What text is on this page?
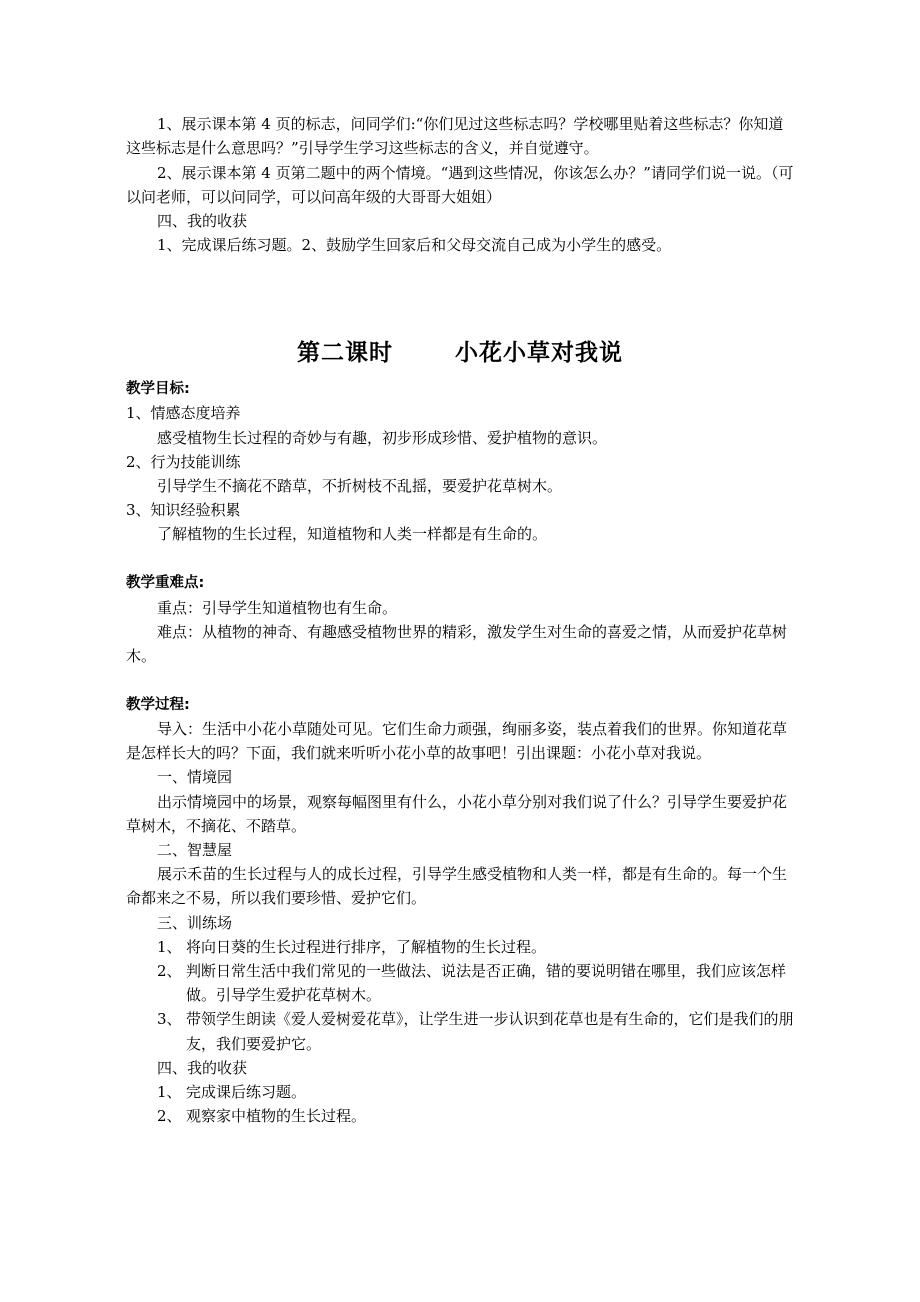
1、展示课本第 4 页的标志，问同学们:“你们见过这些标志吗？学校哪里贴着这些标志？你知道
这些标志是什么意思吗？”引导学生学习这些标志的含义，并自觉遵守。
2、展示课本第 4 页第二题中的两个情境。“遇到这些情况，你该怎么办？”请同学们说一说。（可
以问老师，可以问同学，可以问高年级的大哥哥大姐姐）
四、我的收获
1、完成课后练习题。2、鼓励学生回家后和父母交流自己成为小学生的感受。
第二课时	小花小草对我说
教学目标:
1、情感态度培养
感受植物生长过程的奇妙与有趣，初步形成珍惜、爱护植物的意识。
2、行为技能训练
引导学生不摘花不踏草，不折树枝不乱摇，要爱护花草树木。
3、知识经验积累
了解植物的生长过程，知道植物和人类一样都是有生命的。
教学重难点:
重点：引导学生知道植物也有生命。
难点：从植物的神奇、有趣感受植物世界的精彩，激发学生对生命的喜爱之情，从而爱护花草树
木。
教学过程:
导入：生活中小花小草随处可见。它们生命力顽强，绚丽多姿，装点着我们的世界。你知道花草
是怎样长大的吗？下面，我们就来听听小花小草的故事吧！引出课题：小花小草对我说。
一、情境园
出示情境园中的场景，观察每幅图里有什么，小花小草分别对我们说了什么？引导学生要爱护花
草树木，不摘花、不踏草。
二、智慧屋
展示禾苗的生长过程与人的成长过程，引导学生感受植物和人类一样，都是有生命的。每一个生
命都来之不易，所以我们要珍惜、爱护它们。
三、训练场
1、 将向日葵的生长过程进行排序，了解植物的生长过程。
2、 判断日常生活中我们常见的一些做法、说法是否正确，错的要说明错在哪里，我们应该怎样
做。引导学生爱护花草树木。
3、 带领学生朗读《爱人爱树爱花草》，让学生进一步认识到花草也是有生命的，它们是我们的朋
友，我们要爱护它。
四、我的收获
1、 完成课后练习题。
2、 观察家中植物的生长过程。
